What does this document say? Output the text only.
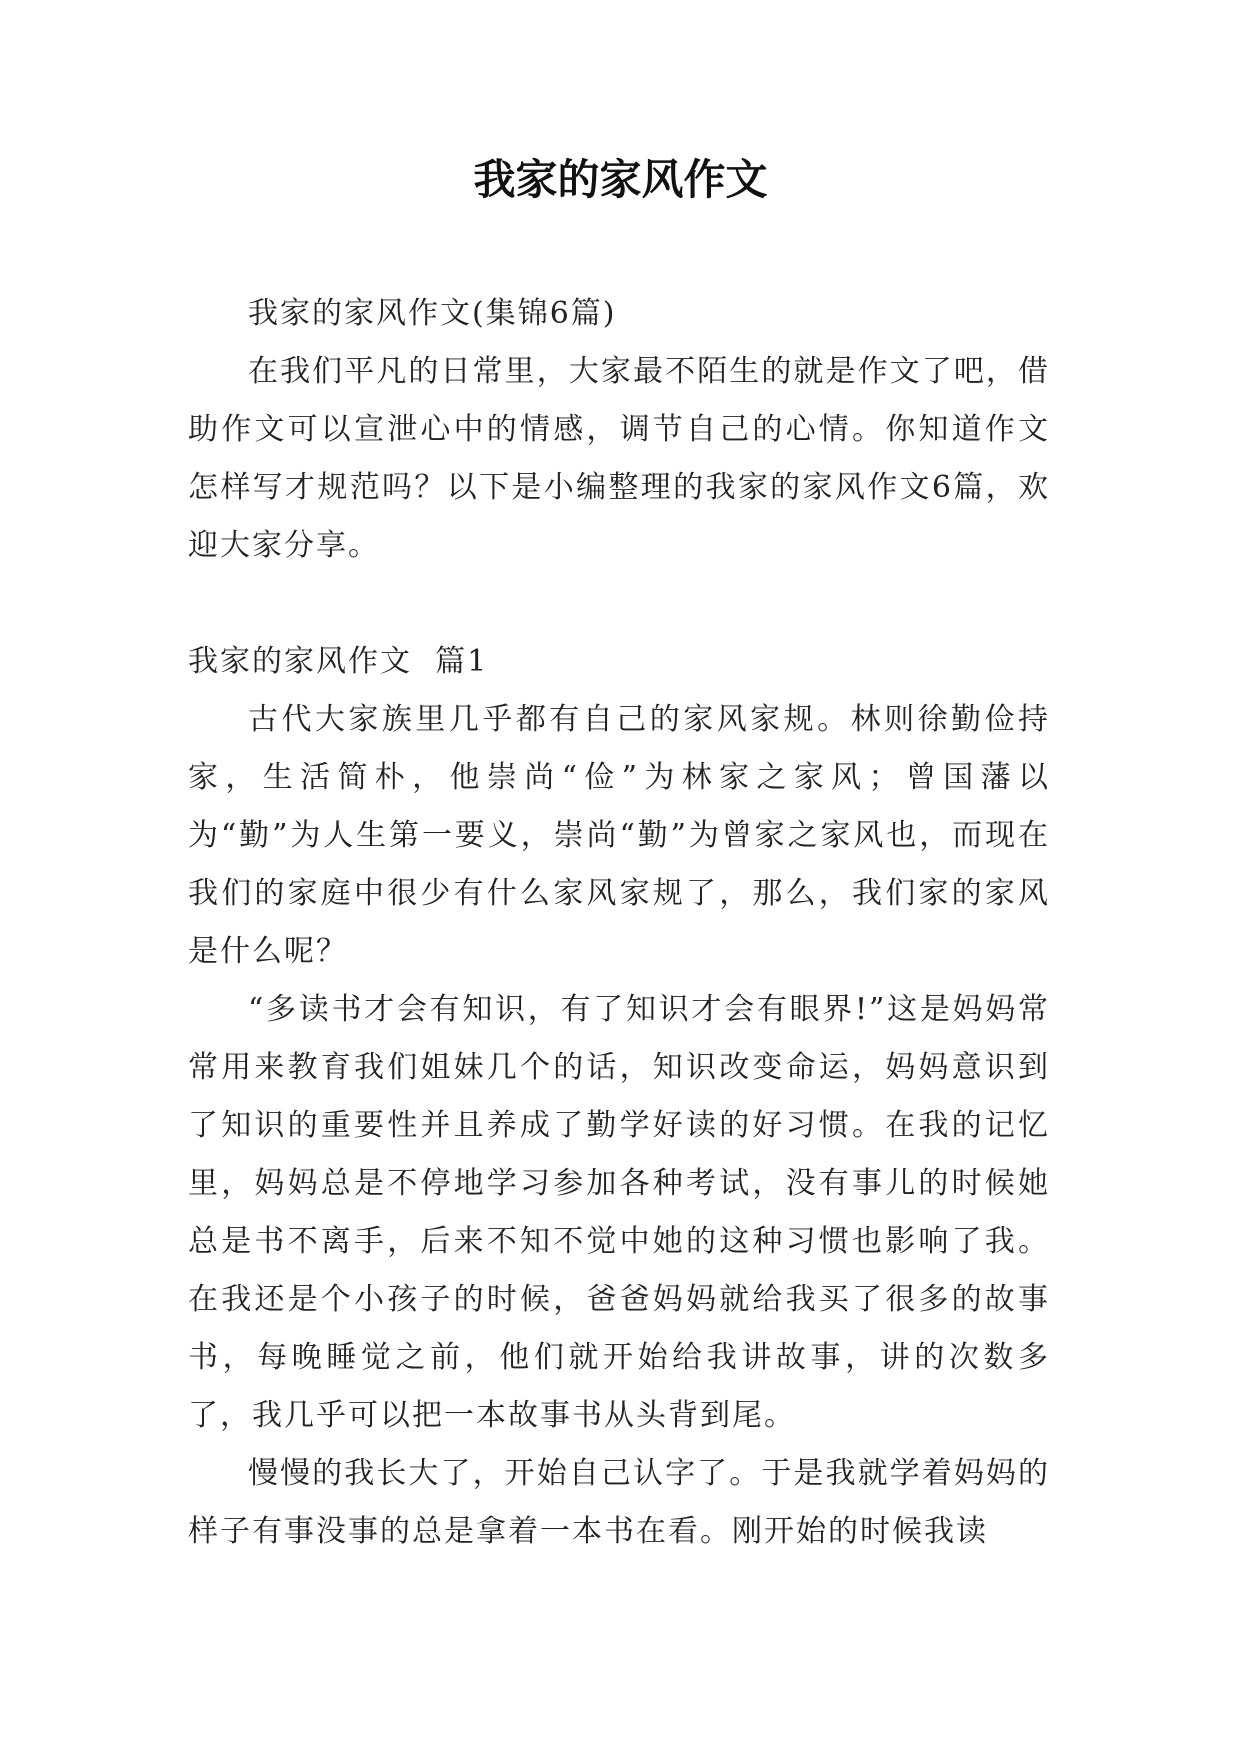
我家的家风作文

我家的家风作文(集锦6篇)

在我们平凡的日常里，大家最不陌生的就是作文了吧，借助作文可以宣泄心中的情感，调节自己的心情。你知道作文怎样写才规范吗？以下是小编整理的我家的家风作文6篇，欢迎大家分享。

我家的家风作文  篇1

古代大家族里几乎都有自己的家风家规。林则徐勤俭持家，生活简朴，他崇尚“俭”为林家之家风；曾国藩以为“勤”为人生第一要义，崇尚“勤”为曾家之家风也，而现在我们的家庭中很少有什么家风家规了，那么，我们家的家风是什么呢？

“多读书才会有知识，有了知识才会有眼界!”这是妈妈常常用来教育我们姐妹几个的话，知识改变命运，妈妈意识到了知识的重要性并且养成了勤学好读的好习惯。在我的记忆里，妈妈总是不停地学习参加各种考试，没有事儿的时候她总是书不离手，后来不知不觉中她的这种习惯也影响了我。在我还是个小孩子的时候，爸爸妈妈就给我买了很多的故事书，每晚睡觉之前，他们就开始给我讲故事，讲的次数多了，我几乎可以把一本故事书从头背到尾。

慢慢的我长大了，开始自己认字了。于是我就学着妈妈的样子有事没事的总是拿着一本书在看。刚开始的时候我读
